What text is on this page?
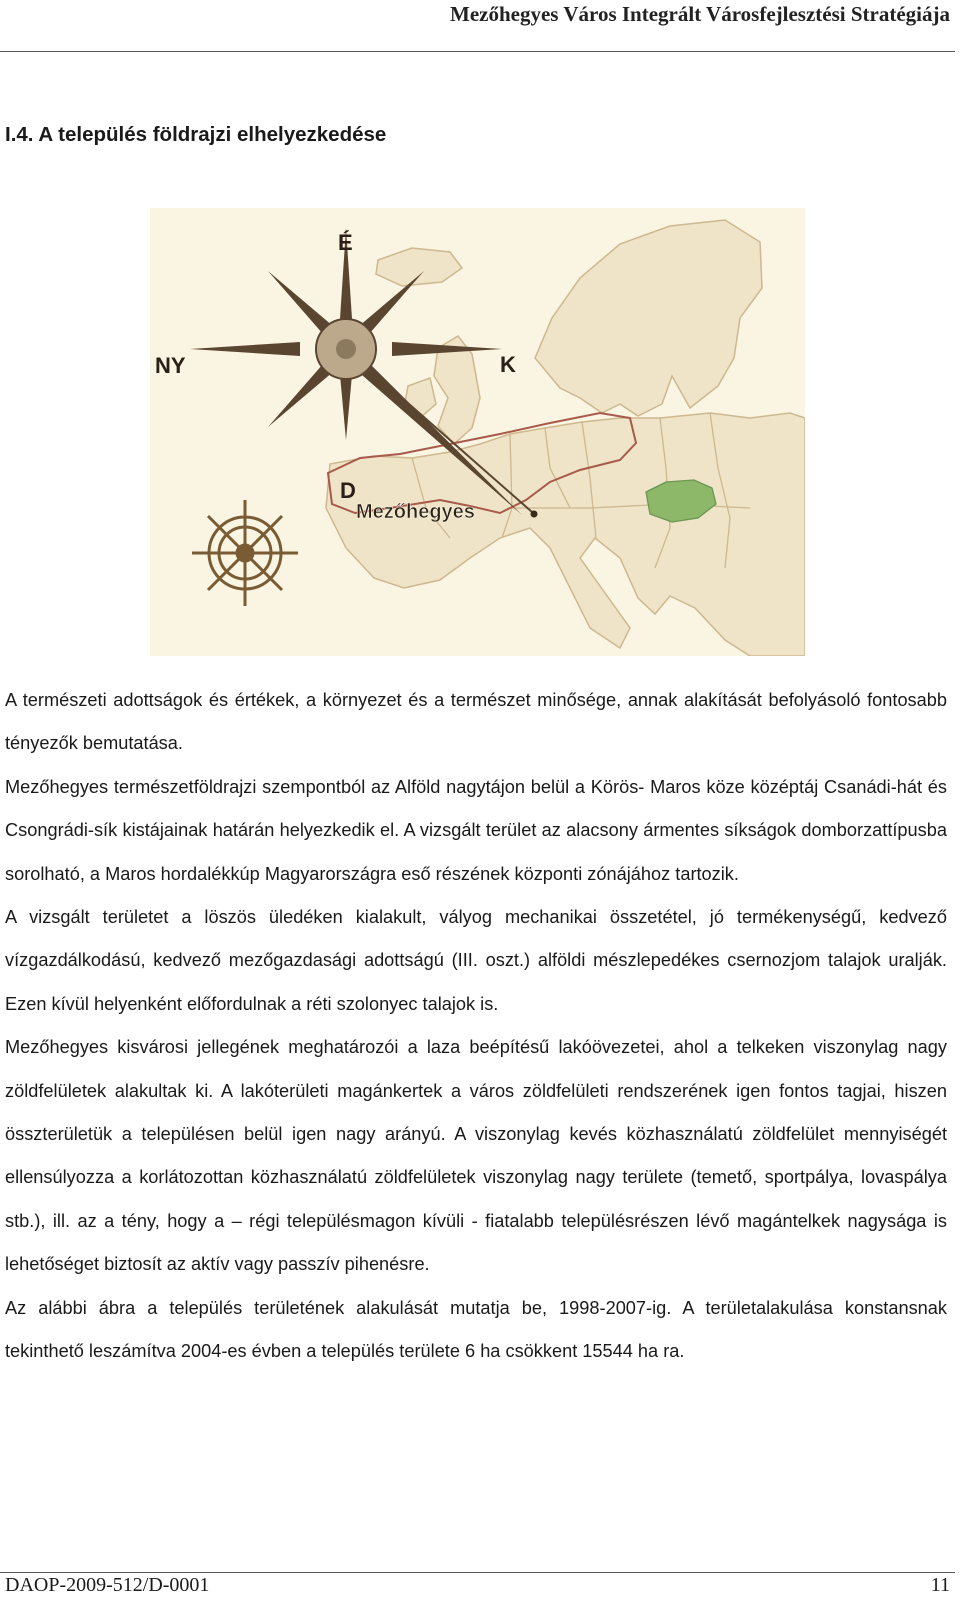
Mezőhegyes Város Integrált Városfejlesztési Stratégiája
I.4. A település földrajzi elhelyezkedése
É
NY	K
D
Mezőhegyes

A természeti adottságok és értékek, a környezet és a természet minősége, annak alakítását befolyásoló fontosabb tényezők bemutatása.

Mezőhegyes természetföldrajzi szempontból az Alföld nagytájon belül a Körös- Maros köze középtáj Csanádi-hát és Csongrádi-sík kistájainak határán helyezkedik el. A vizsgált terület az alacsony ármentes síkságok domborzattípusba sorolható, a Maros hordalékkúp Magyarországra eső részének központi zónájához tartozik.

A vizsgált területet a löszös üledéken kialakult, vályog mechanikai összetétel, jó termékenységű, kedvező vízgazdálkodású, kedvező mezőgazdasági adottságú (III. oszt.) alföldi mészlepedékes csernozjom talajok uralják. Ezen kívül helyenként előfordulnak a réti szolonyec talajok is.

Mezőhegyes kisvárosi jellegének meghatározói a laza beépítésű lakóövezetei, ahol a telkeken viszonylag nagy zöldfelületek alakultak ki. A lakóterületi magánkertek a város zöldfelületi rendszerének igen fontos tagjai, hiszen összterületük a településen belül igen nagy arányú. A viszonylag kevés közhasználatú zöldfelület mennyiségét ellensúlyozza a korlátozottan közhasználatú zöldfelületek viszonylag nagy területe (temető, sportpálya, lovaspálya stb.), ill. az a tény, hogy a – régi településmagon kívüli - fiatalabb településrészen lévő magántelkek nagysága is lehetőséget biztosít az aktív vagy passzív pihenésre.

Az alábbi ábra a település területének alakulását mutatja be, 1998-2007-ig. A területalakulása konstansnak tekinthető leszámítva 2004-es évben a település területe 6 ha csökkent 15544 ha ra.

DAOP-2009-512/D-0001	11
